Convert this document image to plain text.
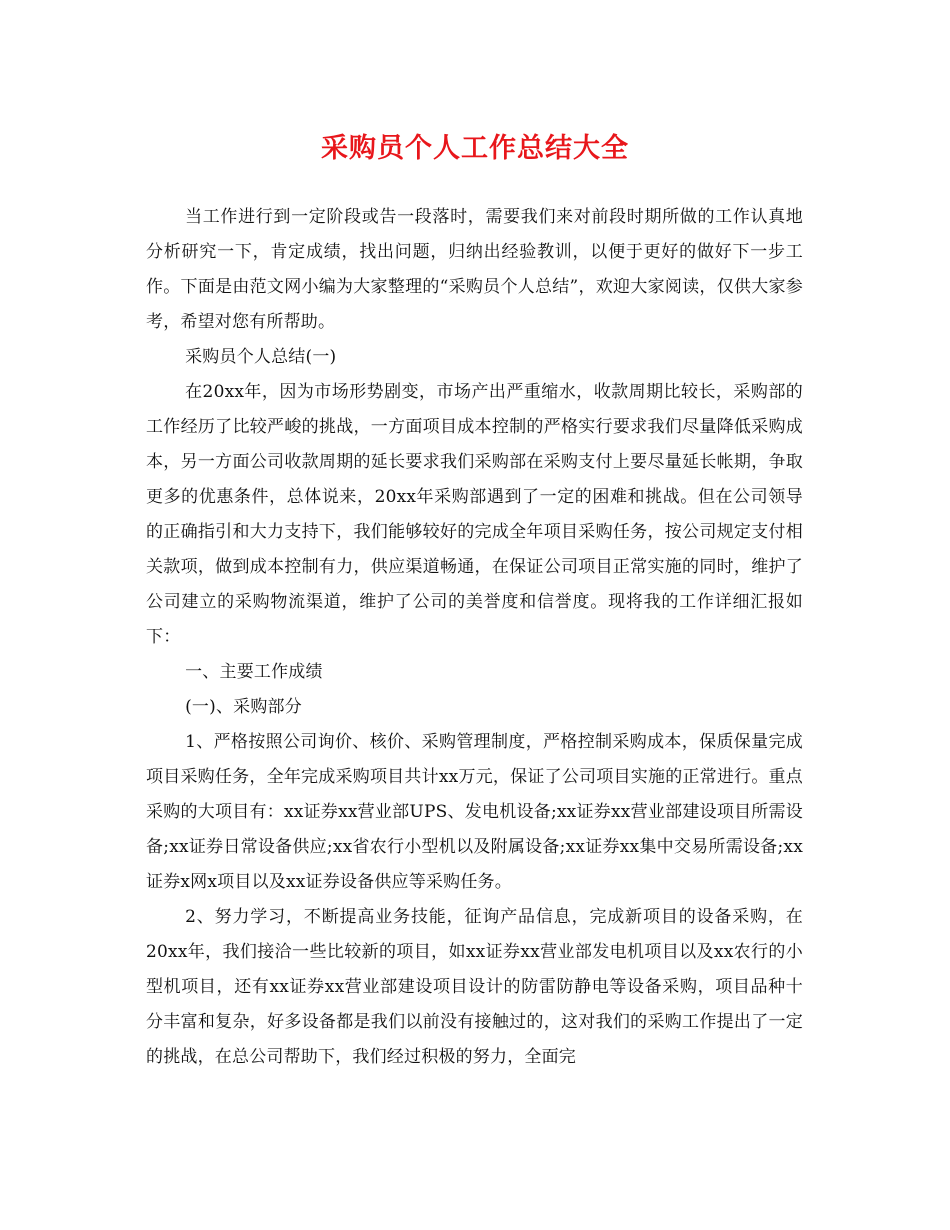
采购员个人工作总结大全

当工作进行到一定阶段或告一段落时，需要我们来对前段时期所做的工作认真地分析研究一下，肯定成绩，找出问题，归纳出经验教训，以便于更好的做好下一步工作。下面是由范文网小编为大家整理的“采购员个人总结”，欢迎大家阅读，仅供大家参考，希望对您有所帮助。

采购员个人总结(一)

在20xx年，因为市场形势剧变，市场产出严重缩水，收款周期比较长，采购部的工作经历了比较严峻的挑战，一方面项目成本控制的严格实行要求我们尽量降低采购成本，另一方面公司收款周期的延长要求我们采购部在采购支付上要尽量延长帐期，争取更多的优惠条件，总体说来，20xx年采购部遇到了一定的困难和挑战。但在公司领导的正确指引和大力支持下，我们能够较好的完成全年项目采购任务，按公司规定支付相关款项，做到成本控制有力，供应渠道畅通，在保证公司项目正常实施的同时，维护了公司建立的采购物流渠道，维护了公司的美誉度和信誉度。现将我的工作详细汇报如下：

一、主要工作成绩

(一)、采购部分

1、严格按照公司询价、核价、采购管理制度，严格控制采购成本，保质保量完成项目采购任务，全年完成采购项目共计xx万元，保证了公司项目实施的正常进行。重点采购的大项目有：xx证券xx营业部UPS、发电机设备;xx证券xx营业部建设项目所需设备;xx证券日常设备供应;xx省农行小型机以及附属设备;xx证券xx集中交易所需设备;xx证券x网x项目以及xx证券设备供应等采购任务。

2、努力学习，不断提高业务技能，征询产品信息，完成新项目的设备采购，在20xx年，我们接洽一些比较新的项目，如xx证券xx营业部发电机项目以及xx农行的小型机项目，还有xx证券xx营业部建设项目设计的防雷防静电等设备采购，项目品种十分丰富和复杂，好多设备都是我们以前没有接触过的，这对我们的采购工作提出了一定的挑战，在总公司帮助下，我们经过积极的努力，全面完
